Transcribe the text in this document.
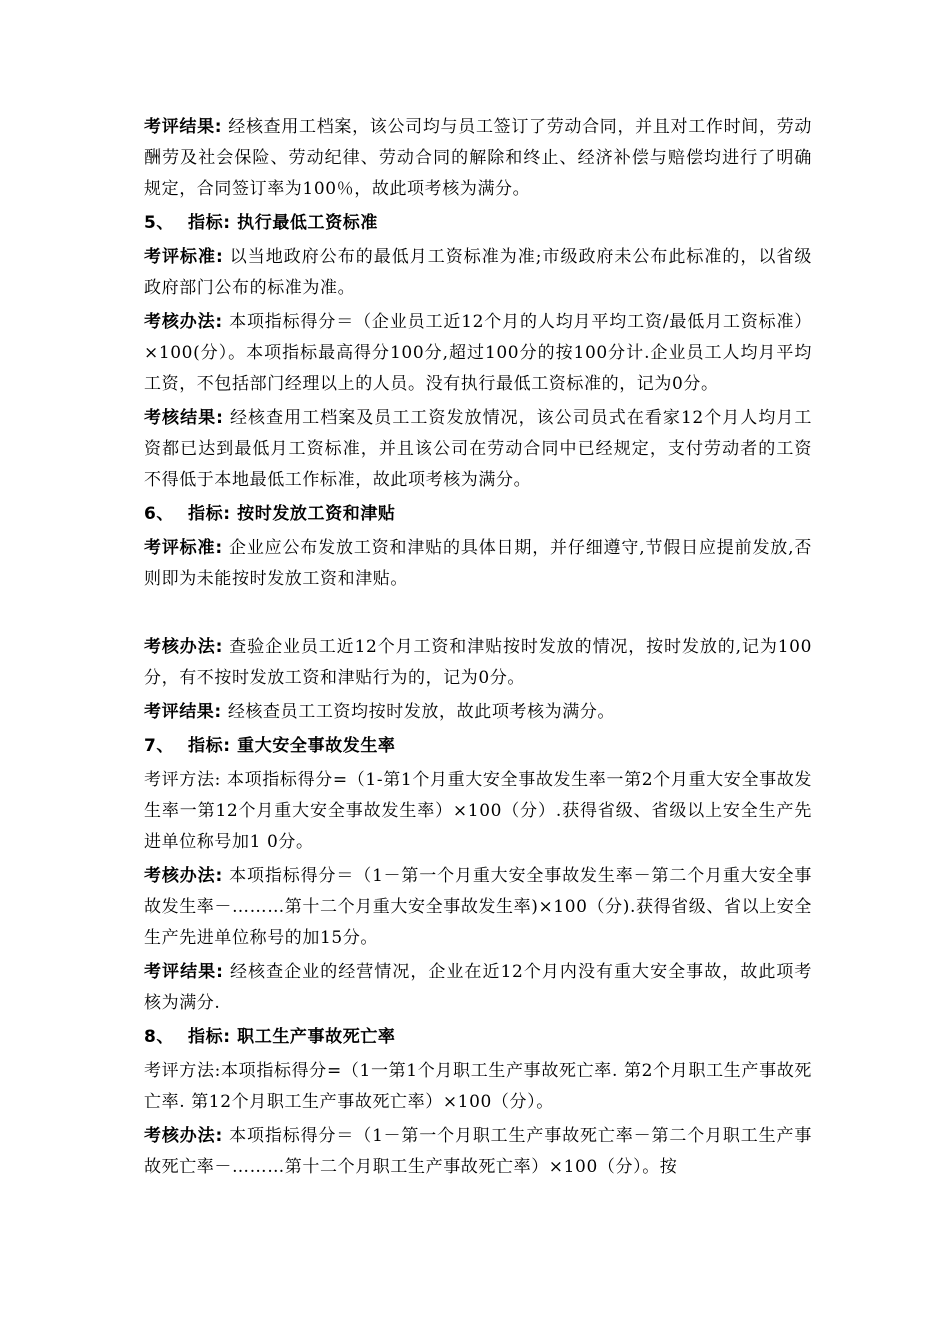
考评结果: 经核查用工档案，该公司均与员工签订了劳动合同，并且对工作时间，劳动酬劳及社会保险、劳动纪律、劳动合同的解除和终止、经济补偿与赔偿均进行了明确规定，合同签订率为100％，故此项考核为满分。
5、 指标: 执行最低工资标准
考评标准: 以当地政府公布的最低月工资标准为准;市级政府未公布此标准的，以省级政府部门公布的标准为准。
考核办法: 本项指标得分＝（企业员工近12个月的人均月平均工资/最低月工资标准）×100(分）。本项指标最高得分100分,超过100分的按100分计.企业员工人均月平均工资，不包括部门经理以上的人员。没有执行最低工资标准的，记为0分。
考核结果: 经核查用工档案及员工工资发放情况，该公司员式在看家12个月人均月工资都已达到最低月工资标准，并且该公司在劳动合同中已经规定，支付劳动者的工资不得低于本地最低工作标准，故此项考核为满分。
6、 指标: 按时发放工资和津贴
考评标准: 企业应公布发放工资和津贴的具体日期，并仔细遵守,节假日应提前发放,否则即为未能按时发放工资和津贴。
考核办法: 查验企业员工近12个月工资和津贴按时发放的情况，按时发放的,记为100分，有不按时发放工资和津贴行为的，记为0分。
考评结果: 经核查员工工资均按时发放，故此项考核为满分。
7、 指标: 重大安全事故发生率
考评方法: 本项指标得分=（1-第1个月重大安全事故发生率一第2个月重大安全事故发生率一第12个月重大安全事故发生率）×100（分）.获得省级、省级以上安全生产先进单位称号加1 0分。
考核办法: 本项指标得分＝（1－第一个月重大安全事故发生率－第二个月重大安全事故发生率－………第十二个月重大安全事故发生率)×100（分).获得省级、省以上安全生产先进单位称号的加15分。
考评结果: 经核查企业的经营情况，企业在近12个月内没有重大安全事故，故此项考核为满分.
8、 指标: 职工生产事故死亡率
考评方法:本项指标得分=（1一第1个月职工生产事故死亡率. 第2个月职工生产事故死亡率. 第12个月职工生产事故死亡率）×100（分）。
考核办法: 本项指标得分＝（1－第一个月职工生产事故死亡率－第二个月职工生产事故死亡率－………第十二个月职工生产事故死亡率）×100（分）。按
